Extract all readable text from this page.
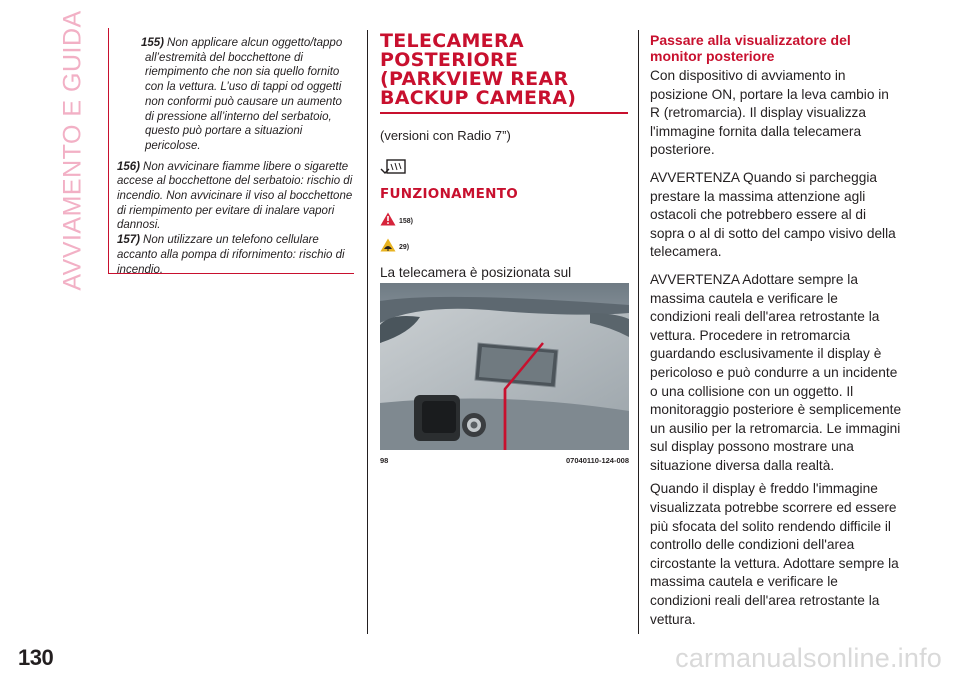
AVVIAMENTO E GUIDA
130

155) Non applicare alcun oggetto/tappo all’estremità del bocchettone di riempimento che non sia quello fornito con la vettura. L’uso di tappi od oggetti non conformi può causare un aumento di pressione all’interno del serbatoio, questo può portare a situazioni pericolose.

156) Non avvicinare fiamme libere o sigarette accese al bocchettone del serbatoio: rischio di incendio. Non avvicinare il viso al bocchettone di riempimento per evitare di inalare vapori dannosi.

157) Non utilizzare un telefono cellulare accanto alla pompa di rifornimento: rischio di incendio.

TELECAMERA POSTERIORE (PARKVIEW REAR BACKUP CAMERA)

(versioni con Radio 7”)

FUNZIONAMENTO
158)
29)

La telecamera è posizionata sul

98	07040110-124-008
Passare alla visualizzatore del monitor posteriore

Con dispositivo di avviamento in posizione ON, portare la leva cambio in R (retromarcia). Il display visualizza l'immagine fornita dalla telecamera posteriore.

AVVERTENZA Quando si parcheggia prestare la massima attenzione agli ostacoli che potrebbero essere al di sopra o al di sotto del campo visivo della telecamera.

AVVERTENZA Adottare sempre la massima cautela e verificare le condizioni reali dell'area retrostante la vettura. Procedere in retromarcia guardando esclusivamente il display è pericoloso e può condurre a un incidente o una collisione con un oggetto. Il monitoraggio posteriore è semplicemente un ausilio per la retromarcia. Le immagini sul display possono mostrare una situazione diversa dalla realtà.

Quando il display è freddo l'immagine visualizzata potrebbe scorrere ed essere più sfocata del solito rendendo difficile il controllo delle condizioni dell'area circostante la vettura. Adottare sempre la massima cautela e verificare le condizioni reali dell'area retrostante la vettura.

carmanualsonline.info
